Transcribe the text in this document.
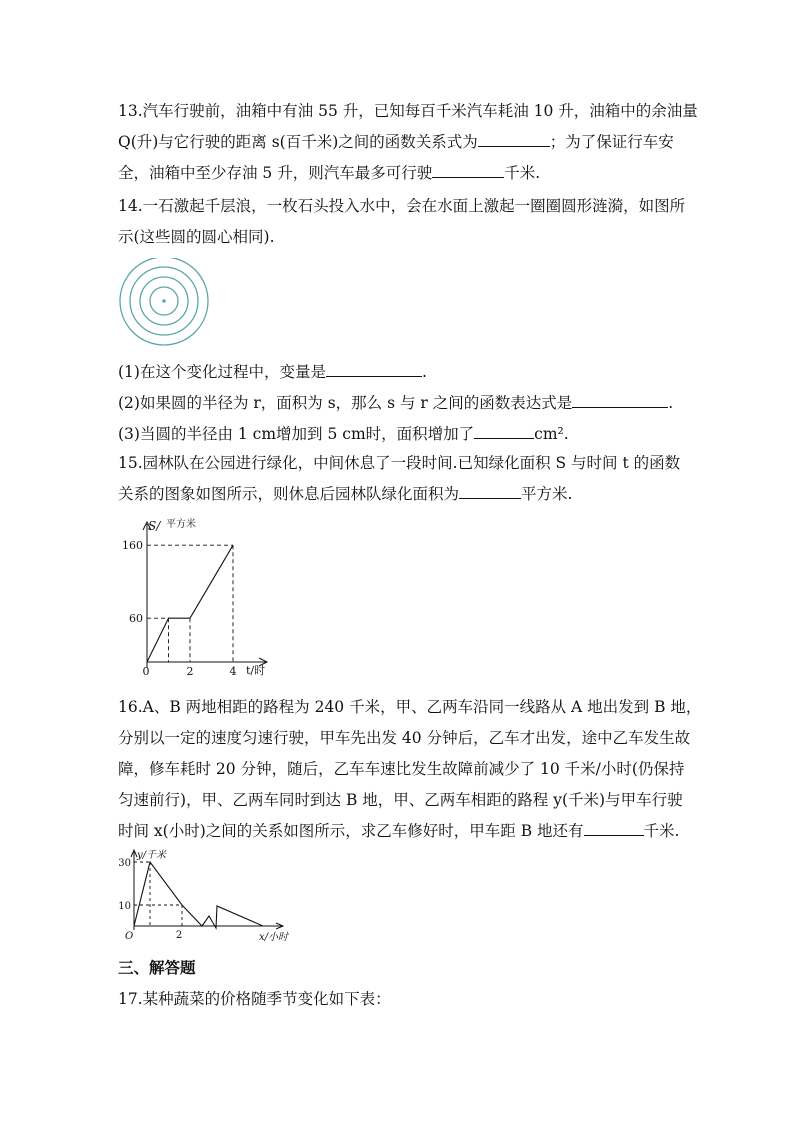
13.汽车行驶前，油箱中有油 55 升，已知每百千米汽车耗油 10 升，油箱中的余油量
Q(升)与它行驶的距离 s(百千米)之间的函数关系式为	；为了保证行车安
全，油箱中至少存油 5 升，则汽车最多可行驶	千米.
14.一石激起千层浪，一枚石头投入水中，会在水面上激起一圈圈圆形涟漪，如图所
示(这些圆的圆心相同).
(1)在这个变化过程中，变量是	.
(2)如果圆的半径为 r，面积为 s，那么 s 与 r 之间的函数表达式是	.
(3)当圆的半径由 1 cm增加到 5 cm时，面积增加了	cm².
15.园林队在公园进行绿化，中间休息了一段时间.已知绿化面积 S 与时间 t 的函数
关系的图象如图所示，则休息后园林队绿化面积为	平方米.
S/ 平方米
60
160
0	2	4 t/时
16.A、B 两地相距的路程为 240 千米，甲、乙两车沿同一线路从 A 地出发到 B 地，
分别以一定的速度匀速行驶，甲车先出发 40 分钟后，乙车才出发，途中乙车发生故
障，修车耗时 20 分钟，随后，乙车车速比发生故障前减少了 10 千米/小时(仍保持
匀速前行)，甲、乙两车同时到达 B 地，甲、乙两车相距的路程 y(千米)与甲车行驶
时间 x(小时)之间的关系如图所示，求乙车修好时，甲车距 B 地还有	千米.
y/千米
30
10
O	2	x/小时
三、解答题
17.某种蔬菜的价格随季节变化如下表：
